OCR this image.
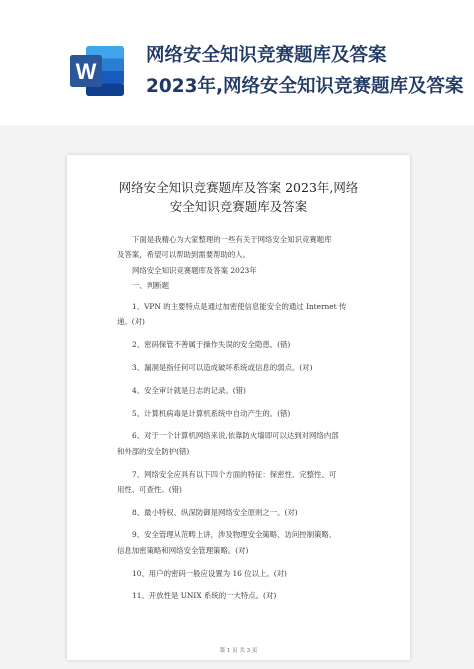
W
网络安全知识竞赛题库及答案
2023年,网络安全知识竞赛题库及答案
网络安全知识竞赛题库及答案 2023年,网络
安全知识竞赛题库及答案

下面是我精心为大家整理的一些有关于网络安全知识竞赛题库

及答案，希望可以帮助到需要帮助的人。

网络安全知识竞赛题库及答案 2023年

一、判断题

1、VPN 的主要特点是通过加密使信息能安全的通过 Internet 传

递。(对)

2、密码保管不善属于操作失误的安全隐患。(错)

3、漏洞是指任何可以造成破坏系统或信息的弱点。(对)

4、安全审计就是日志的记录。(错)

5、计算机病毒是计算机系统中自动产生的。(错)

6、对于一个计算机网络来说,依靠防火墙即可以达到对网络内部

和外部的安全防护(错)

7、网络安全应具有以下四个方面的特征：保密性、完整性、可

用性、可查性。(错)

8、最小特权、纵深防御是网络安全原则之一。(对)

9、安全管理从范畴上讲，涉及物理安全策略、访问控制策略、

信息加密策略和网络安全管理策略。(对)

10、用户的密码一般应设置为 16 位以上。(对)

11、开放性是 UNIX 系统的一大特点。(对)

第 1 页 共 3 页
